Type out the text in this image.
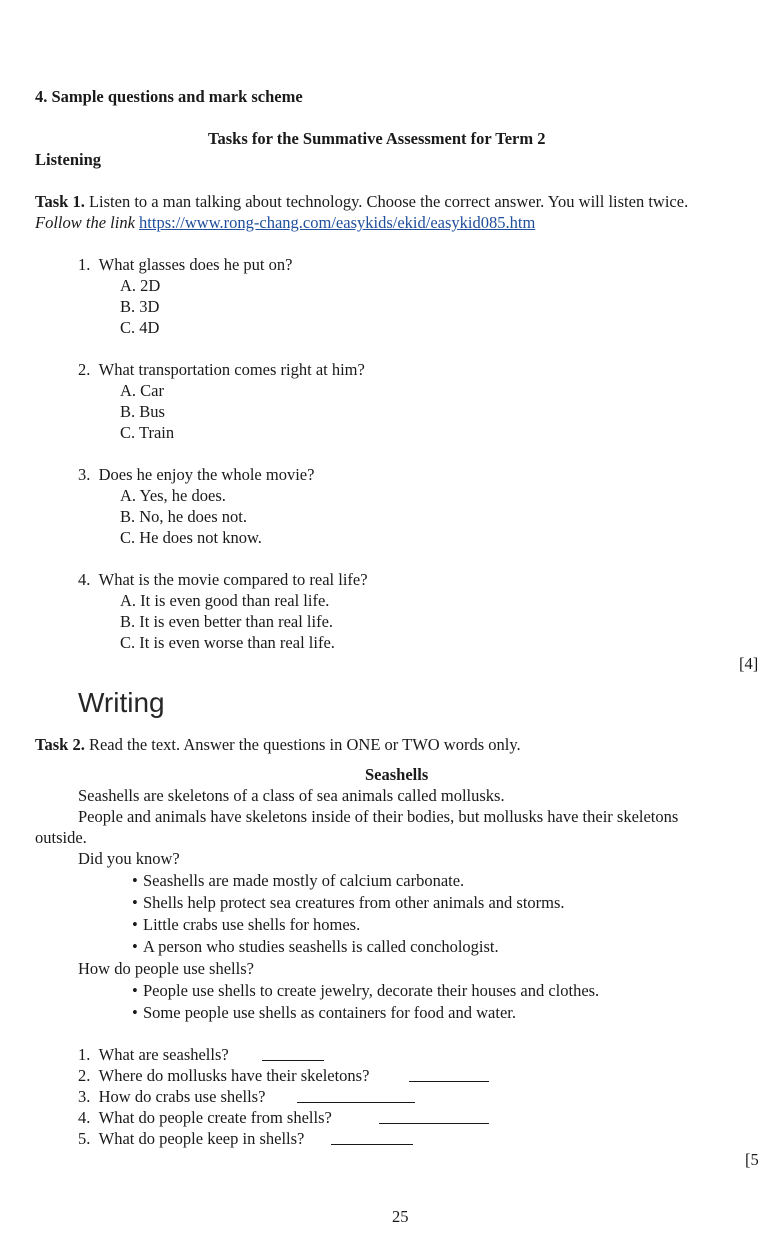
4. Sample questions and mark scheme
Tasks for the Summative Assessment for Term 2
Listening
Task 1. Listen to a man talking about technology. Choose the correct answer. You will listen twice.
Follow the link https://www.rong-chang.com/easykids/ekid/easykid085.htm
1. What glasses does he put on?
A. 2D
B. 3D
C. 4D
2. What transportation comes right at him?
A. Car
B. Bus
C. Train
3. Does he enjoy the whole movie?
A. Yes, he does.
B. No, he does not.
C. He does not know.
4. What is the movie compared to real life?
A. It is even good than real life.
B. It is even better than real life.
C. It is even worse than real life.
[4]
Writing
Task 2. Read the text. Answer the questions in ONE or TWO words only.
Seashells
Seashells are skeletons of a class of sea animals called mollusks.
People and animals have skeletons inside of their bodies, but mollusks have their skeletons
outside.
Did you know?
• Seashells are made mostly of calcium carbonate.
• Shells help protect sea creatures from other animals and storms.
• Little crabs use shells for homes.
• A person who studies seashells is called conchologist.
How do people use shells?
• People use shells to create jewelry, decorate their houses and clothes.
• Some people use shells as containers for food and water.
1. What are seashells?
2. Where do mollusks have their skeletons?
3. How do crabs use shells?
4. What do people create from shells?
5. What do people keep in shells?
[5
25
